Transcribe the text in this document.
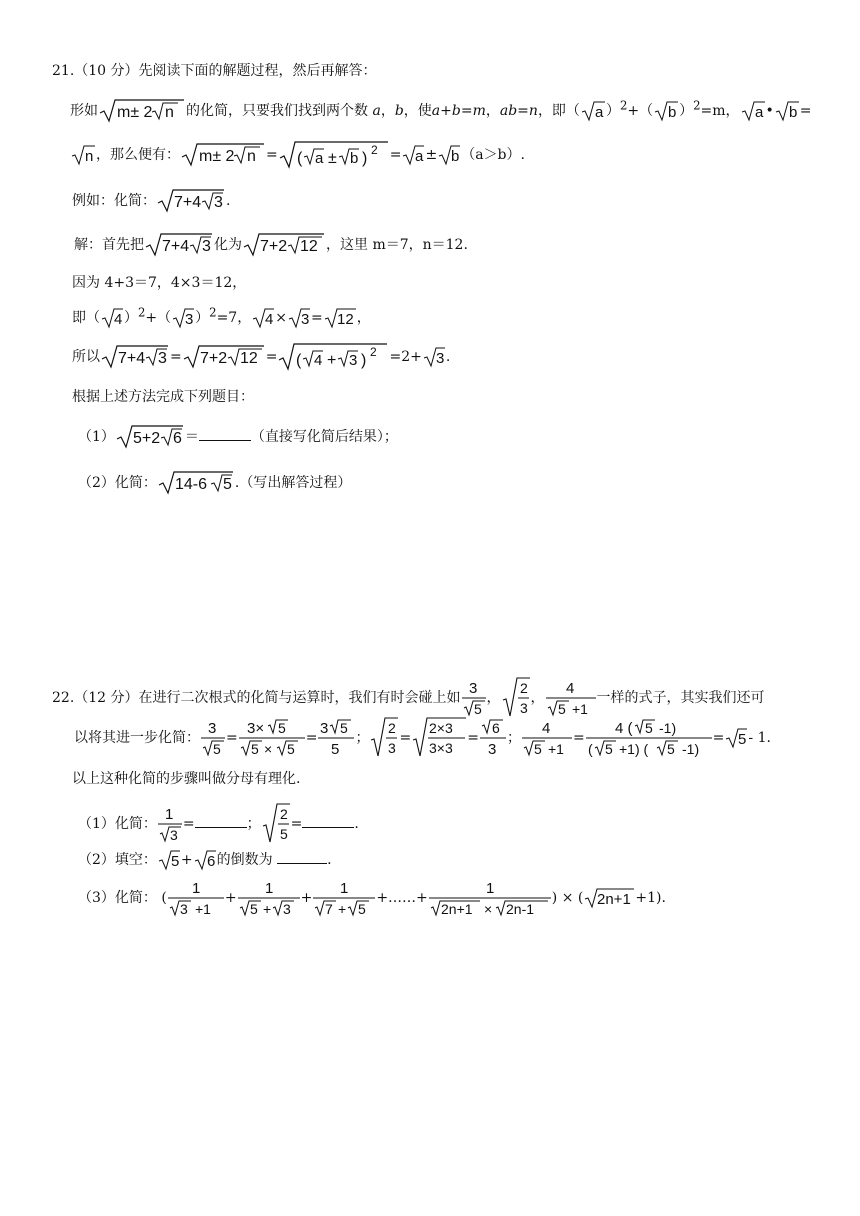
21.（10 分）先阅读下面的解题过程，然后再解答：
形如 m± 2 n 的化简，只要我们找到两个数 a，b，使a+b=m，ab=n，即（ a ）$^2$+（ b ）$^2$=m， a • b =
n ，那么便有： m± 2 n = ( a ± b ) 2 = a ± b （a＞b）.
例如：化简： 7+4 3 .
解：首先把 7+4 3 化为 7+2 12 ，这里 m＝7，n＝12.
因为 4+3＝7，4×3＝12，
即（ 4 ）$^2$+（ 3 ）$^2$=7， 4 × 3 = 12 ，
所以 7+4 3 = 7+2 12 = ( 4 + 3 ) 2 =2+ 3 .
根据上述方法完成下列题目：
（1） 5+2 6 ＝	（直接写化简后结果）；
（2）化简： 14-6 5 .（写出解答过程）
22.（12 分）在进行二次根式的化简与运算时，我们有时会碰上如
3
5
，
2
3
，
4
5 +1
一样的式子，其实我们还可
以将其进一步化简：
3
5
=
3× 5
5 × 5
=
3 5
5
；
2
3
=
2×3
3×3
=
6
3
；
4
5 +1
=
4 ( 5 -1)
( 5 +1) ( 5 -1)
= 5 - 1.
以上这种化简的步骤叫做分母有理化.
（1）化简：
1
3
=	；
2
5
=	.
（2）填空： 5 + 6 的倒数为	.
（3）化简： (
1
3 +1
+
1
5 + 3
+
1
7 + 5
+……+
1
2n+1 × 2n-1
) × ( 2n+1 +1).
